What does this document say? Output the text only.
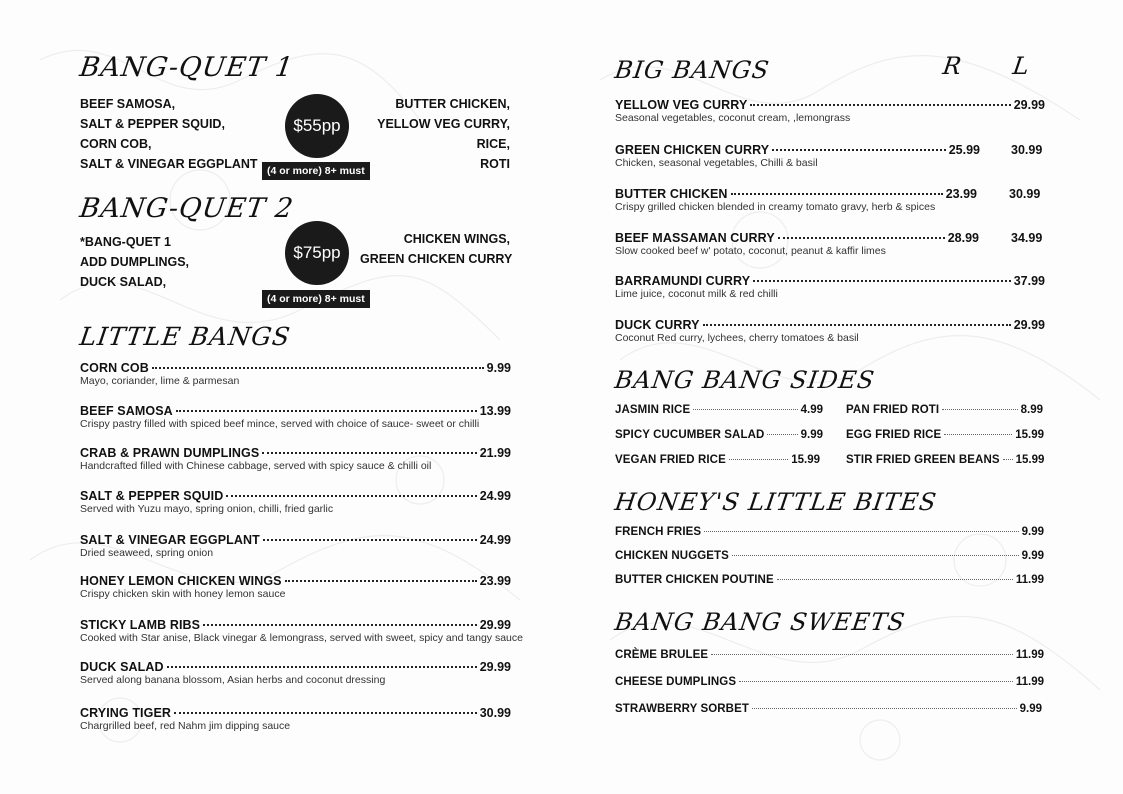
BANG-QUET 1
BEEF SAMOSA,
SALT & PEPPER SQUID,
CORN COB,
SALT & VINEGAR EGGPLANT
$55pp
(4 or more) 8+ must
BUTTER CHICKEN,
YELLOW VEG CURRY,
RICE,
ROTI
BANG-QUET 2
*BANG-QUET 1
ADD DUMPLINGS,
DUCK SALAD,
$75pp
(4 or more) 8+ must
CHICKEN WINGS,
GREEN CHICKEN CURRY
LITTLE BANGS
CORN COB	9.99
Mayo, coriander, lime & parmesan
BEEF SAMOSA	13.99
Crispy pastry filled with spiced beef mince, served with choice of sauce- sweet or chilli
CRAB & PRAWN DUMPLINGS	21.99
Handcrafted filled with Chinese cabbage, served with spicy sauce & chilli oil
SALT & PEPPER SQUID	24.99
Served with Yuzu mayo, spring onion, chilli, fried garlic
SALT & VINEGAR EGGPLANT	24.99
Dried seaweed, spring onion
HONEY LEMON CHICKEN WINGS	23.99
Crispy chicken skin with honey lemon sauce
STICKY LAMB RIBS	29.99
Cooked with Star anise, Black vinegar & lemongrass, served with sweet, spicy and tangy sauce
DUCK SALAD	29.99
Served along banana blossom, Asian herbs and coconut dressing
CRYING TIGER	30.99
Chargrilled beef, red Nahm jim dipping sauce
BIG BANGS	R L
YELLOW VEG CURRY	29.99
Seasonal vegetables, coconut cream, ,lemongrass
GREEN CHICKEN CURRY	25.99 30.99
Chicken, seasonal vegetables, Chilli & basil
BUTTER CHICKEN	23.99	30.99
Crispy grilled chicken blended in creamy tomato gravy, herb & spices
BEEF MASSAMAN CURRY	28.99	34.99
Slow cooked beef w' potato, coconut, peanut & kaffir limes
BARRAMUNDI CURRY	37.99
Lime juice, coconut milk & red chilli
DUCK CURRY	29.99
Coconut Red curry, lychees, cherry tomatoes & basil
BANG BANG SIDES
JASMIN RICE	4.99
SPICY CUCUMBER SALAD	9.99
VEGAN FRIED RICE	15.99
PAN FRIED ROTI	8.99
EGG FRIED RICE	15.99
STIR FRIED GREEN BEANS 15.99
HONEY'S LITTLE BITES
FRENCH FRIES	9.99
CHICKEN NUGGETS	9.99
BUTTER CHICKEN POUTINE	11.99
BANG BANG SWEETS
CRÈME BRULEE	11.99
CHEESE DUMPLINGS	11.99
STRAWBERRY SORBET	9.99
